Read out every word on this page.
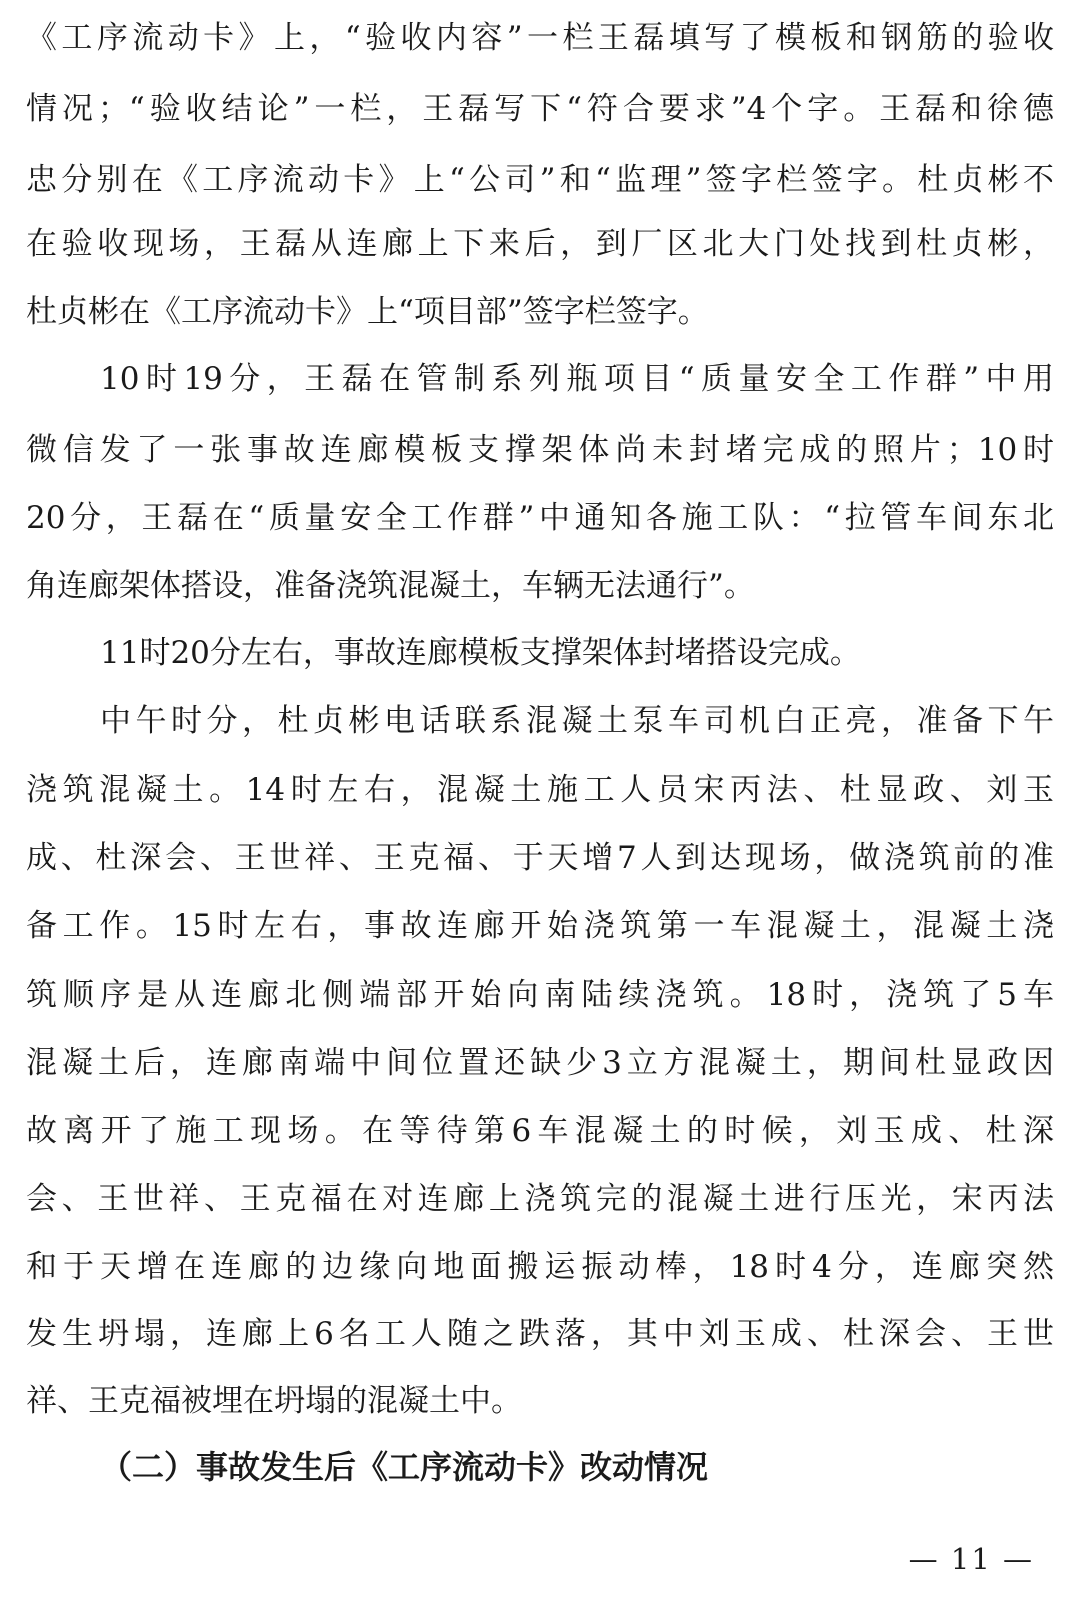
《工序流动卡》上，“验收内容”一栏王磊填写了模板和钢筋的验收
情况；“验收结论”一栏，王磊写下“符合要求”4个字。王磊和徐德
忠分别在《工序流动卡》上“公司”和“监理”签字栏签字。杜贞彬不
在验收现场，王磊从连廊上下来后，到厂区北大门处找到杜贞彬，
杜贞彬在《工序流动卡》上“项目部”签字栏签字。
10时19分，王磊在管制系列瓶项目“质量安全工作群”中用
微信发了一张事故连廊模板支撑架体尚未封堵完成的照片；10时
20分，王磊在“质量安全工作群”中通知各施工队：“拉管车间东北
角连廊架体搭设，准备浇筑混凝土，车辆无法通行”。
11时20分左右，事故连廊模板支撑架体封堵搭设完成。
中午时分，杜贞彬电话联系混凝土泵车司机白正亮，准备下午
浇筑混凝土。14时左右，混凝土施工人员宋丙法、杜显政、刘玉
成、杜深会、王世祥、王克福、于天增7人到达现场，做浇筑前的准
备工作。15时左右，事故连廊开始浇筑第一车混凝土，混凝土浇
筑顺序是从连廊北侧端部开始向南陆续浇筑。18时，浇筑了5车
混凝土后，连廊南端中间位置还缺少3立方混凝土，期间杜显政因
故离开了施工现场。在等待第6车混凝土的时候，刘玉成、杜深
会、王世祥、王克福在对连廊上浇筑完的混凝土进行压光，宋丙法
和于天增在连廊的边缘向地面搬运振动棒，18时4分，连廊突然
发生坍塌，连廊上6名工人随之跌落，其中刘玉成、杜深会、王世
祥、王克福被埋在坍塌的混凝土中。
（二）事故发生后《工序流动卡》改动情况
— 11 —
